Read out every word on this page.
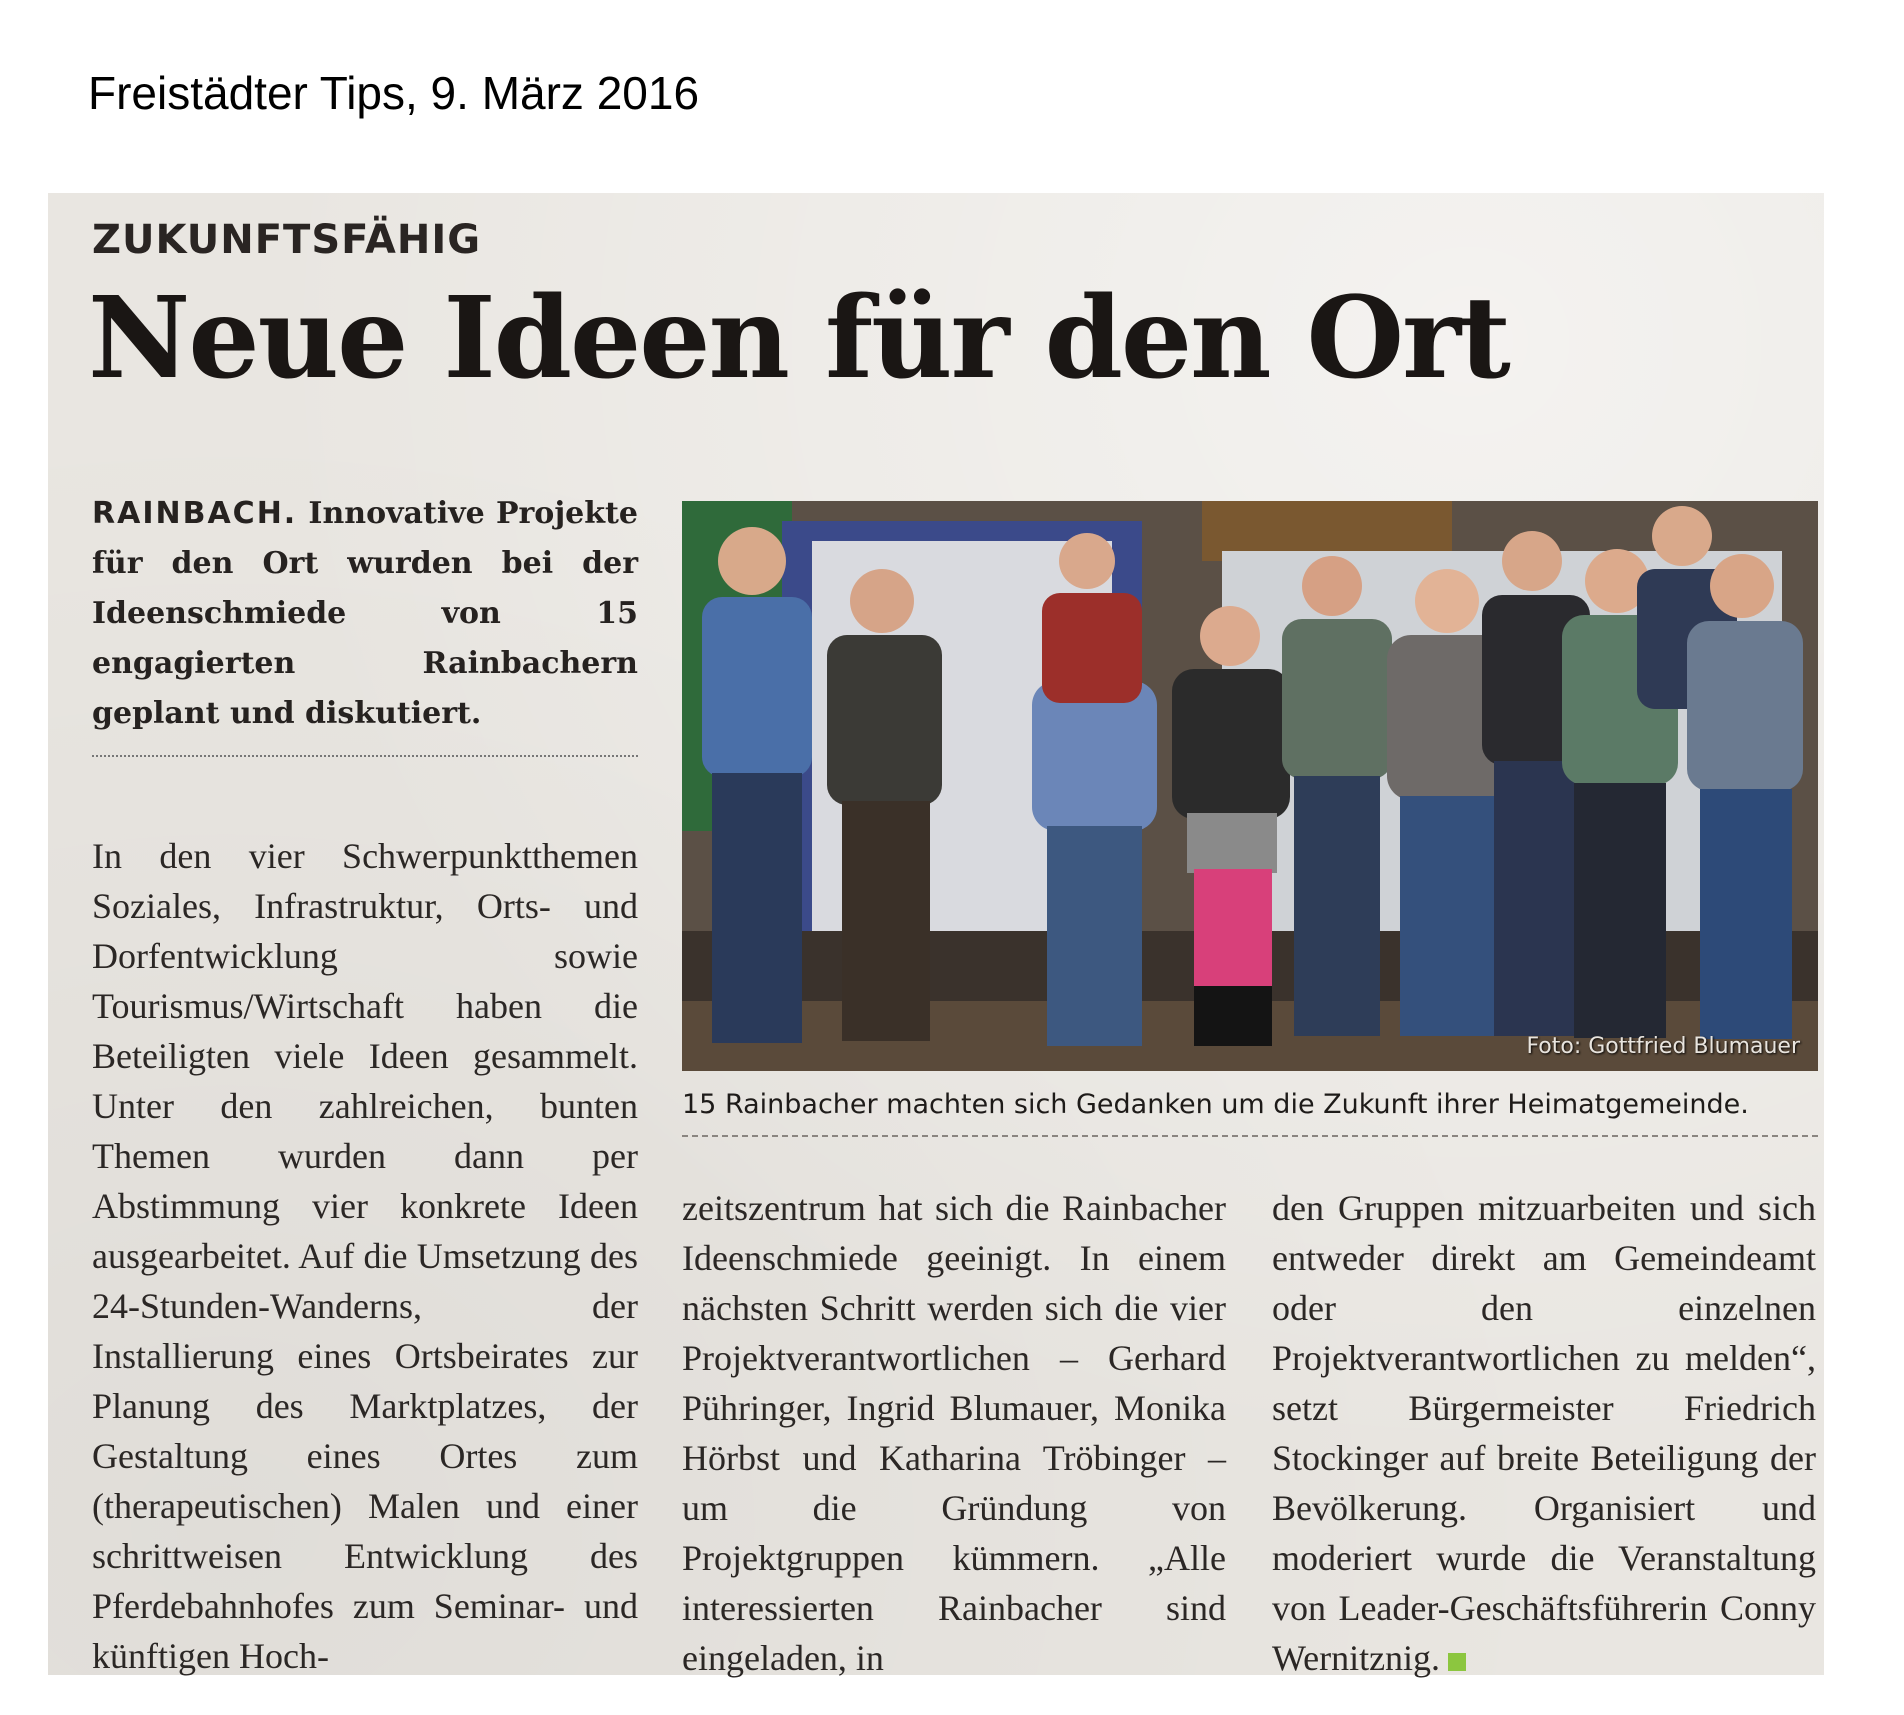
Freistädter Tips, 9. März 2016
ZUKUNFTSFÄHIG
Neue Ideen für den Ort
RAINBACH. Innovative Projekte für den Ort wurden bei der Ideenschmiede von 15 engagierten Rainbachern geplant und diskutiert.
In den vier Schwerpunktthemen Soziales, Infrastruktur, Orts- und Dorfentwicklung sowie Tourismus/Wirtschaft haben die Beteiligten viele Ideen gesammelt. Unter den zahlreichen, bunten Themen wurden dann per Abstimmung vier konkrete Ideen ausgearbeitet. Auf die Umsetzung des 24-Stunden-Wanderns, der Installierung eines Ortsbeirates zur Planung des Marktplatzes, der Gestaltung eines Ortes zum (therapeutischen) Malen und einer schrittweisen Entwicklung des Pferdebahnhofes zum Seminar- und künftigen Hoch-
zeitszentrum hat sich die Rainbacher Ideenschmiede geeinigt. In einem nächsten Schritt werden sich die vier Projektverantwortlichen – Gerhard Pühringer, Ingrid Blumauer, Monika Hörbst und Katharina Tröbinger – um die Gründung von Projektgruppen kümmern. „Alle interessierten Rainbacher sind eingeladen, in
den Gruppen mitzuarbeiten und sich entweder direkt am Gemeindeamt oder den einzelnen Projektverantwortlichen zu melden“, setzt Bürgermeister Friedrich Stockinger auf breite Beteiligung der Bevölkerung. Organisiert und moderiert wurde die Veranstaltung von Leader-Geschäftsführerin Conny Wernitznig.
Foto: Gottfried Blumauer
15 Rainbacher machten sich Gedanken um die Zukunft ihrer Heimatgemeinde.
